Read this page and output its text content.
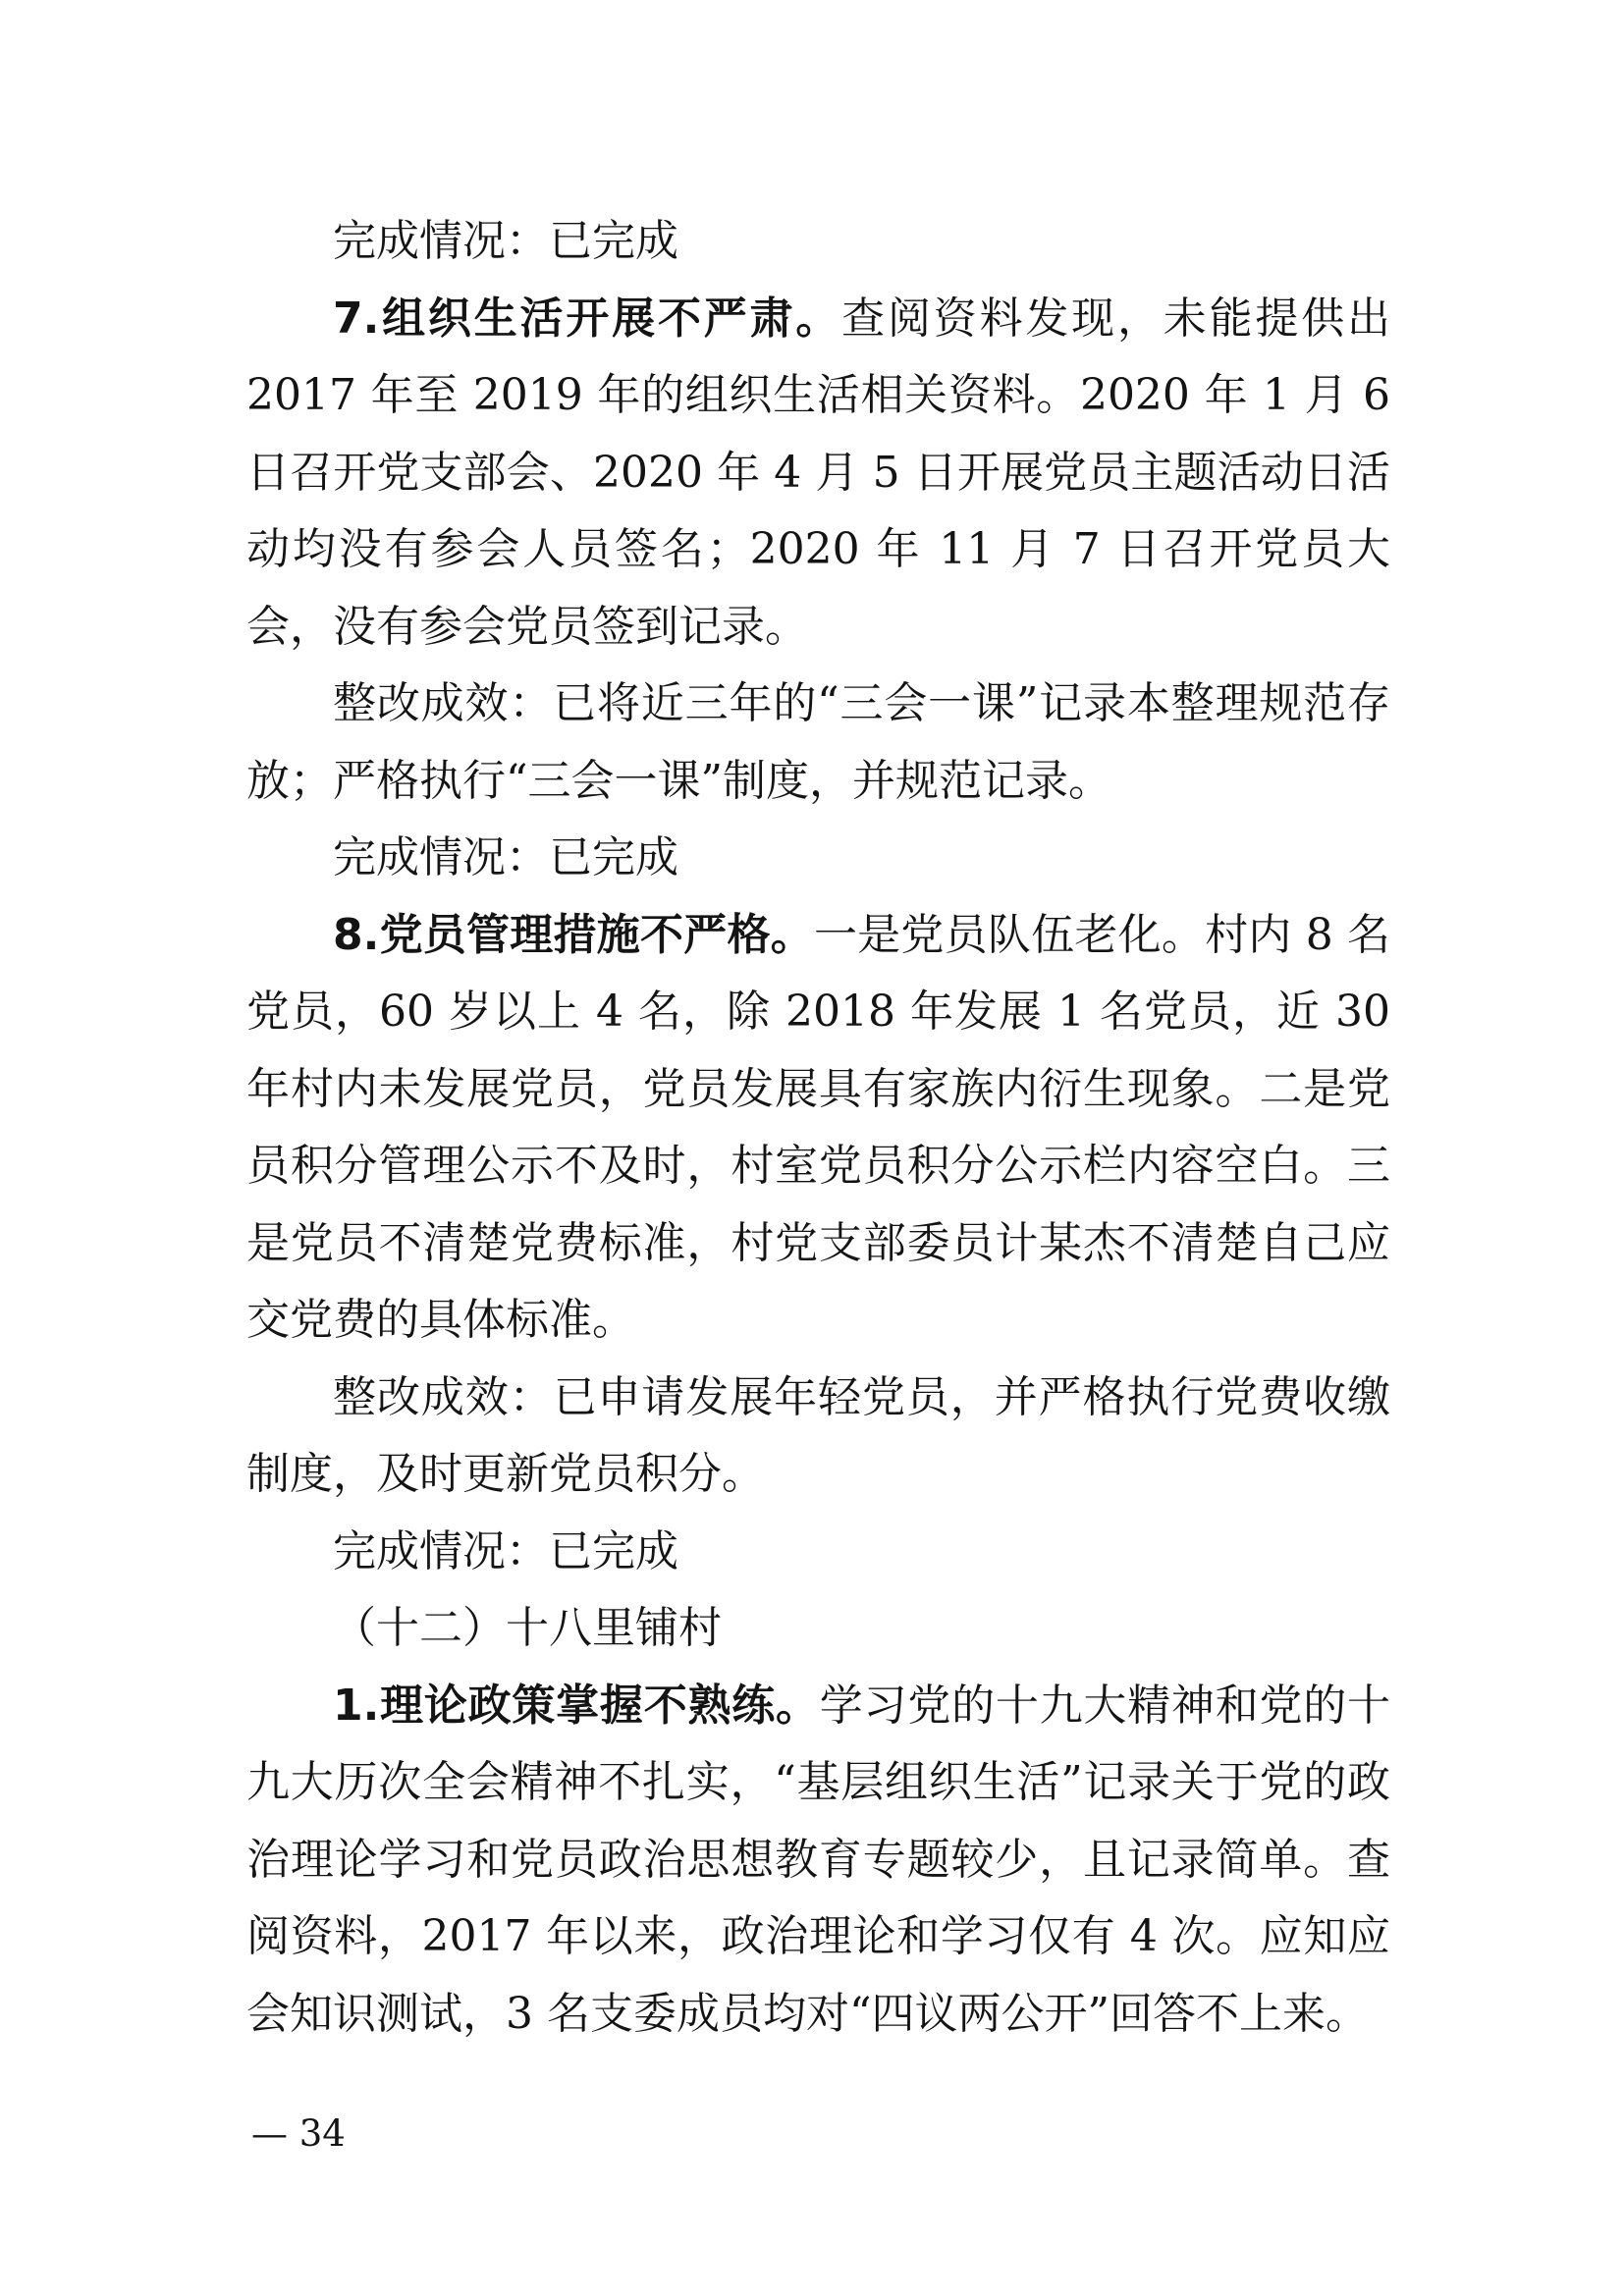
完成情况：已完成

7.组织生活开展不严肃。查阅资料发现，未能提供出 2017 年至 2019 年的组织生活相关资料。2020 年 1 月 6 日召开党支部会、2020 年 4 月 5 日开展党员主题活动日活动均没有参会人员签名；2020 年 11 月 7 日召开党员大会，没有参会党员签到记录。

整改成效：已将近三年的“三会一课”记录本整理规范存放；严格执行“三会一课”制度，并规范记录。

完成情况：已完成

8.党员管理措施不严格。一是党员队伍老化。村内 8 名党员，60 岁以上 4 名，除 2018 年发展 1 名党员，近 30 年村内未发展党员，党员发展具有家族内衍生现象。二是党员积分管理公示不及时，村室党员积分公示栏内容空白。三是党员不清楚党费标准，村党支部委员计某杰不清楚自己应交党费的具体标准。

整改成效：已申请发展年轻党员，并严格执行党费收缴制度，及时更新党员积分。

完成情况：已完成

（十二）十八里铺村

1.理论政策掌握不熟练。学习党的十九大精神和党的十九大历次全会精神不扎实，“基层组织生活”记录关于党的政治理论学习和党员政治思想教育专题较少，且记录简单。查阅资料，2017 年以来，政治理论和学习仅有 4 次。应知应会知识测试，3 名支委成员均对“四议两公开”回答不上来。

— 34
